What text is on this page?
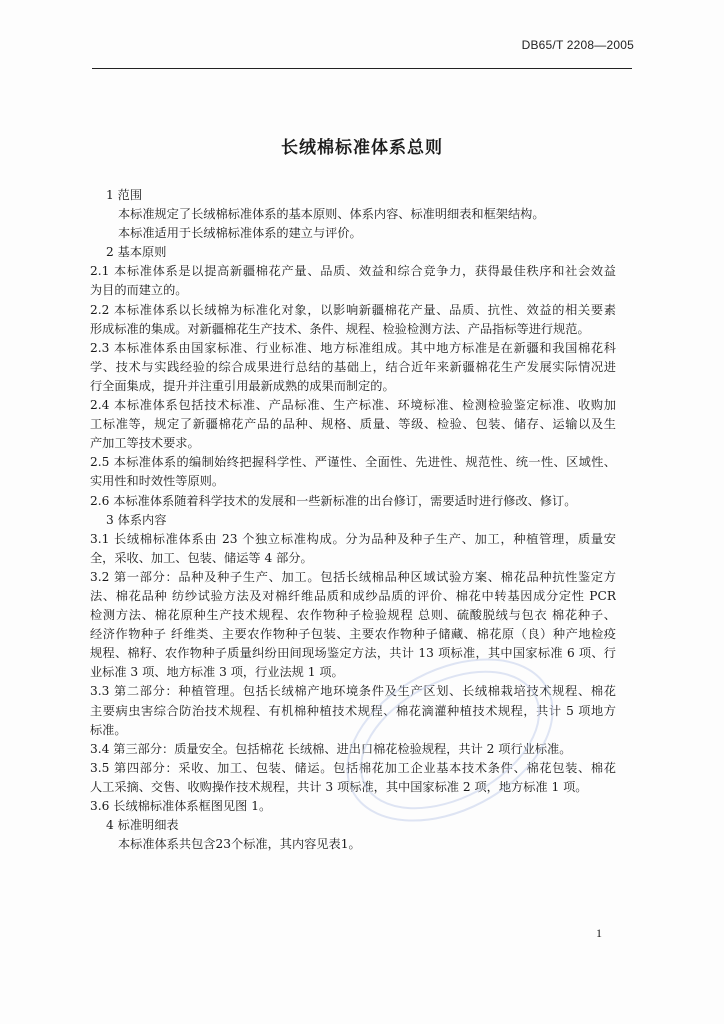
DB65/T 2208—2005
长绒棉标准体系总则
1 范围
本标准规定了长绒棉标准体系的基本原则、体系内容、标准明细表和框架结构。
本标准适用于长绒棉标准体系的建立与评价。
2 基本原则
2.1 本标准体系是以提高新疆棉花产量、品质、效益和综合竞争力，获得最佳秩序和社会效益
为目的而建立的。
2.2 本标准体系以长绒棉为标准化对象，以影响新疆棉花产量、品质、抗性、效益的相关要素
形成标准的集成。对新疆棉花生产技术、条件、规程、检验检测方法、产品指标等进行规范。
2.3 本标准体系由国家标准、行业标准、地方标准组成。其中地方标准是在新疆和我国棉花科
学、技术与实践经验的综合成果进行总结的基础上，结合近年来新疆棉花生产发展实际情况进
行全面集成，提升并注重引用最新成熟的成果而制定的。
2.4 本标准体系包括技术标准、产品标准、生产标准、环境标准、检测检验鉴定标准、收购加
工标准等，规定了新疆棉花产品的品种、规格、质量、等级、检验、包装、储存、运输以及生
产加工等技术要求。
2.5 本标准体系的编制始终把握科学性、严谨性、全面性、先进性、规范性、统一性、区域性、
实用性和时效性等原则。
2.6 本标准体系随着科学技术的发展和一些新标准的出台修订，需要适时进行修改、修订。
3 体系内容
3.1 长绒棉标准体系由 23 个独立标准构成。分为品种及种子生产、加工，种植管理，质量安
全，采收、加工、包装、储运等 4 部分。
3.2 第一部分：品种及种子生产、加工。包括长绒棉品种区域试验方案、棉花品种抗性鉴定方
法、棉花品种 纺纱试验方法及对棉纤维品质和成纱品质的评价、棉花中转基因成分定性 PCR
检测方法、棉花原种生产技术规程、农作物种子检验规程 总则、硫酸脱绒与包衣 棉花种子、
经济作物种子 纤维类、主要农作物种子包装、主要农作物种子储藏、棉花原（良）种产地检疫
规程、棉籽、农作物种子质量纠纷田间现场鉴定方法，共计 13 项标准，其中国家标准 6 项、行
业标准 3 项、地方标准 3 项，行业法规 1 项。
3.3 第二部分：种植管理。包括长绒棉产地环境条件及生产区划、长绒棉栽培技术规程、棉花
主要病虫害综合防治技术规程、有机棉种植技术规程、棉花滴灌种植技术规程，共计 5 项地方
标准。
3.4 第三部分：质量安全。包括棉花 长绒棉、进出口棉花检验规程，共计 2 项行业标准。
3.5 第四部分：采收、加工、包装、储运。包括棉花加工企业基本技术条件、棉花包装、棉花
人工采摘、交售、收购操作技术规程，共计 3 项标准，其中国家标准 2 项，地方标准 1 项。
3.6 长绒棉标准体系框图见图 1。
4 标准明细表
本标准体系共包含23个标准，其内容见表1。
1
